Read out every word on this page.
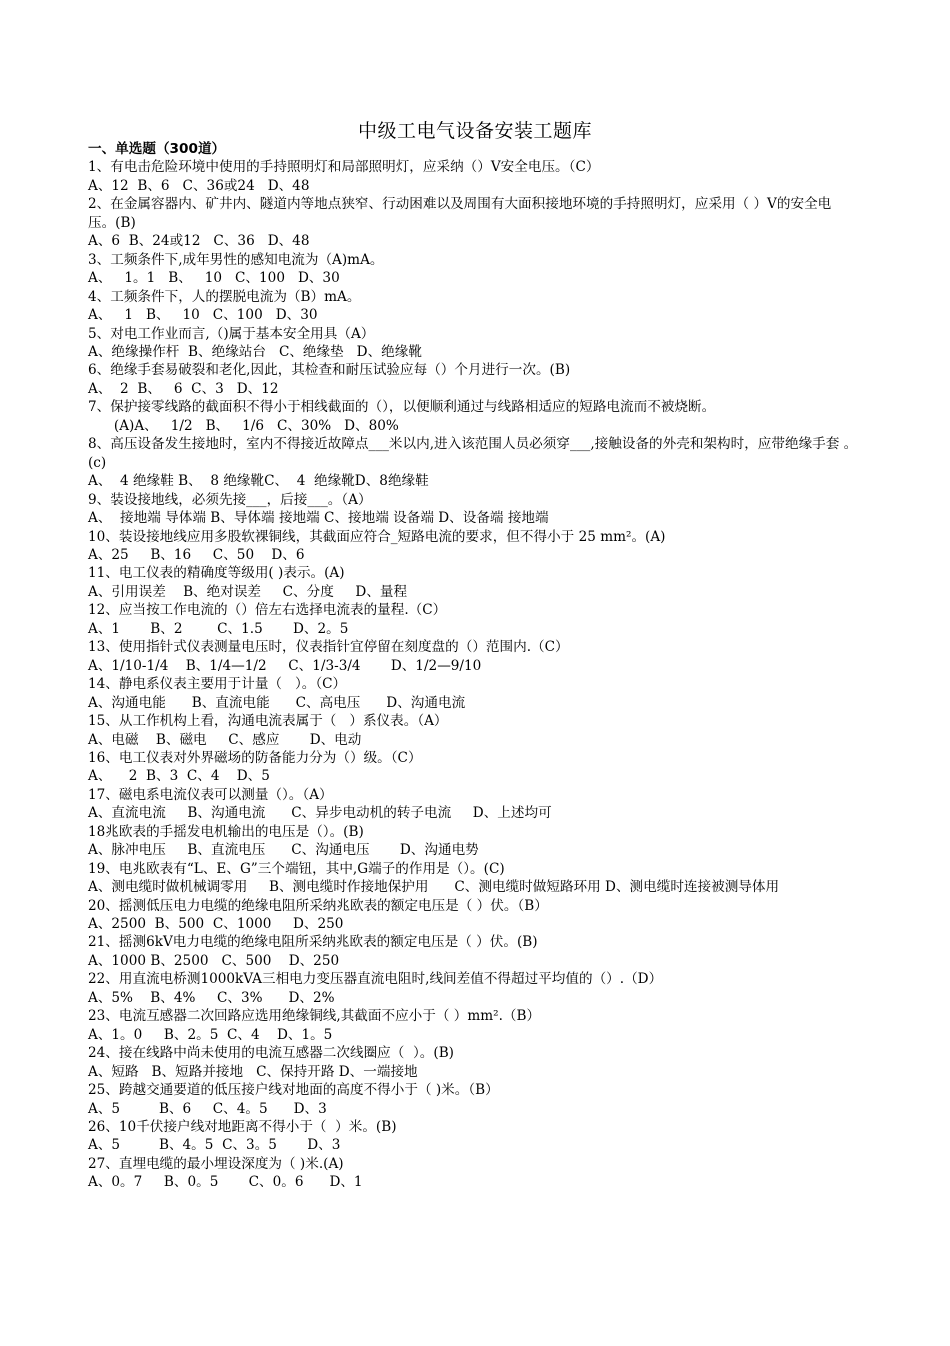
中级工电气设备安装工题库
一、单选题（300道）
1、有电击危险环境中使用的手持照明灯和局部照明灯，应采纳（）V安全电压。（C）
A、12  B、6   C、36或24   D、48
2、在金属容器内、矿井内、隧道内等地点狭窄、行动困难以及周围有大面积接地环境的手持照明灯，应采用（ ）V的安全电压。(B)
A、6  B、24或12   C、36   D、48
3、工频条件下,成年男性的感知电流为（A)mA。
A、   1。1   B、   10   C、100   D、30
4、工频条件下，人的摆脱电流为（B）mA。
A、   1   B、   10   C、100   D、30
5、对电工作业而言,（)属于基本安全用具（A）
A、绝缘操作杆  B、绝缘站台   C、绝缘垫   D、绝缘靴
6、绝缘手套易破裂和老化,因此，其检查和耐压试验应每（）个月进行一次。(B)
A、  2  B、   6  C、3   D、12
7、保护接零线路的截面积不得小于相线截面的（），以便顺利通过与线路相适应的短路电流而不被烧断。
(A)A、   1/2   B、   1/6   C、30%   D、80%
8、高压设备发生接地时，室内不得接近故障点___米以内,进入该范围人员必须穿___,接触设备的外壳和架构时，应带绝缘手套 。(c)
A、  4 绝缘鞋 B、  8 绝缘靴C、  4  绝缘靴D、8绝缘鞋
9、装设接地线，必须先接___，后接___。（A）
A、  接地端 导体端 B、导体端 接地端 C、接地端 设备端 D、设备端 接地端
10、装设接地线应用多股软裸铜线，其截面应符合_短路电流的要求，但不得小于 25 mm²。(A)
A、25     B、16     C、50    D、6
11、电工仪表的精确度等级用( )表示。(A)
A、引用误差    B、绝对误差     C、分度     D、量程
12、应当按工作电流的（）倍左右选择电流表的量程.（C）
A、1       B、2        C、1.5       D、2。5
13、使用指针式仪表测量电压时，仪表指针宜停留在刻度盘的（）范围内.（C）
A、1/10-1/4    B、1/4—1/2     C、1/3-3/4       D、1/2—9/10
14、静电系仪表主要用于计量（   ）。（C）
A、沟通电能      B、直流电能      C、高电压      D、沟通电流
15、从工作机构上看，沟通电流表属于（   ）系仪表。（A）
A、电磁    B、磁电     C、感应       D、电动
16、电工仪表对外界磁场的防备能力分为（）级。（C）
A、    2  B、3  C、4    D、5
17、磁电系电流仪表可以测量（）。（A）
A、直流电流     B、沟通电流      C、异步电动机的转子电流     D、上述均可
18兆欧表的手摇发电机输出的电压是（）。(B)
A、脉冲电压     B、直流电压      C、沟通电压       D、沟通电势
19、电兆欧表有“L、E、G”三个端钮，其中,G端子的作用是（）。(C)
A、测电缆时做机械调零用     B、测电缆时作接地保护用      C、测电缆时做短路环用 D、测电缆时连接被测导体用
20、摇测低压电力电缆的绝缘电阻所采纳兆欧表的额定电压是（ ）伏。（B）
A、2500  B、500  C、1000     D、250
21、摇测6kV电力电缆的绝缘电阻所采纳兆欧表的额定电压是（ ）伏。(B)
A、1000 B、2500   C、500    D、250
22、用直流电桥测1000kVA三相电力变压器直流电阻时,线间差值不得超过平均值的（）.（D）
A、5%    B、4%     C、3%      D、2%
23、电流互感器二次回路应选用绝缘铜线,其截面不应小于（ ）mm².（B）
A、1。0     B、2。5  C、4    D、1。5
24、接在线路中尚未使用的电流互感器二次线圈应（  ）。(B)
A、短路   B、短路并接地   C、保持开路 D、一端接地
25、跨越交通要道的低压接户线对地面的高度不得小于（ )米。（B）
A、5         B、6     C、4。5      D、3
26、10千伏接户线对地距离不得小于（  ）米。(B)
A、5         B、4。5  C、3。5       D、3
27、直埋电缆的最小埋设深度为（ )米.(A)
A、0。7     B、0。5       C、0。6      D、1
